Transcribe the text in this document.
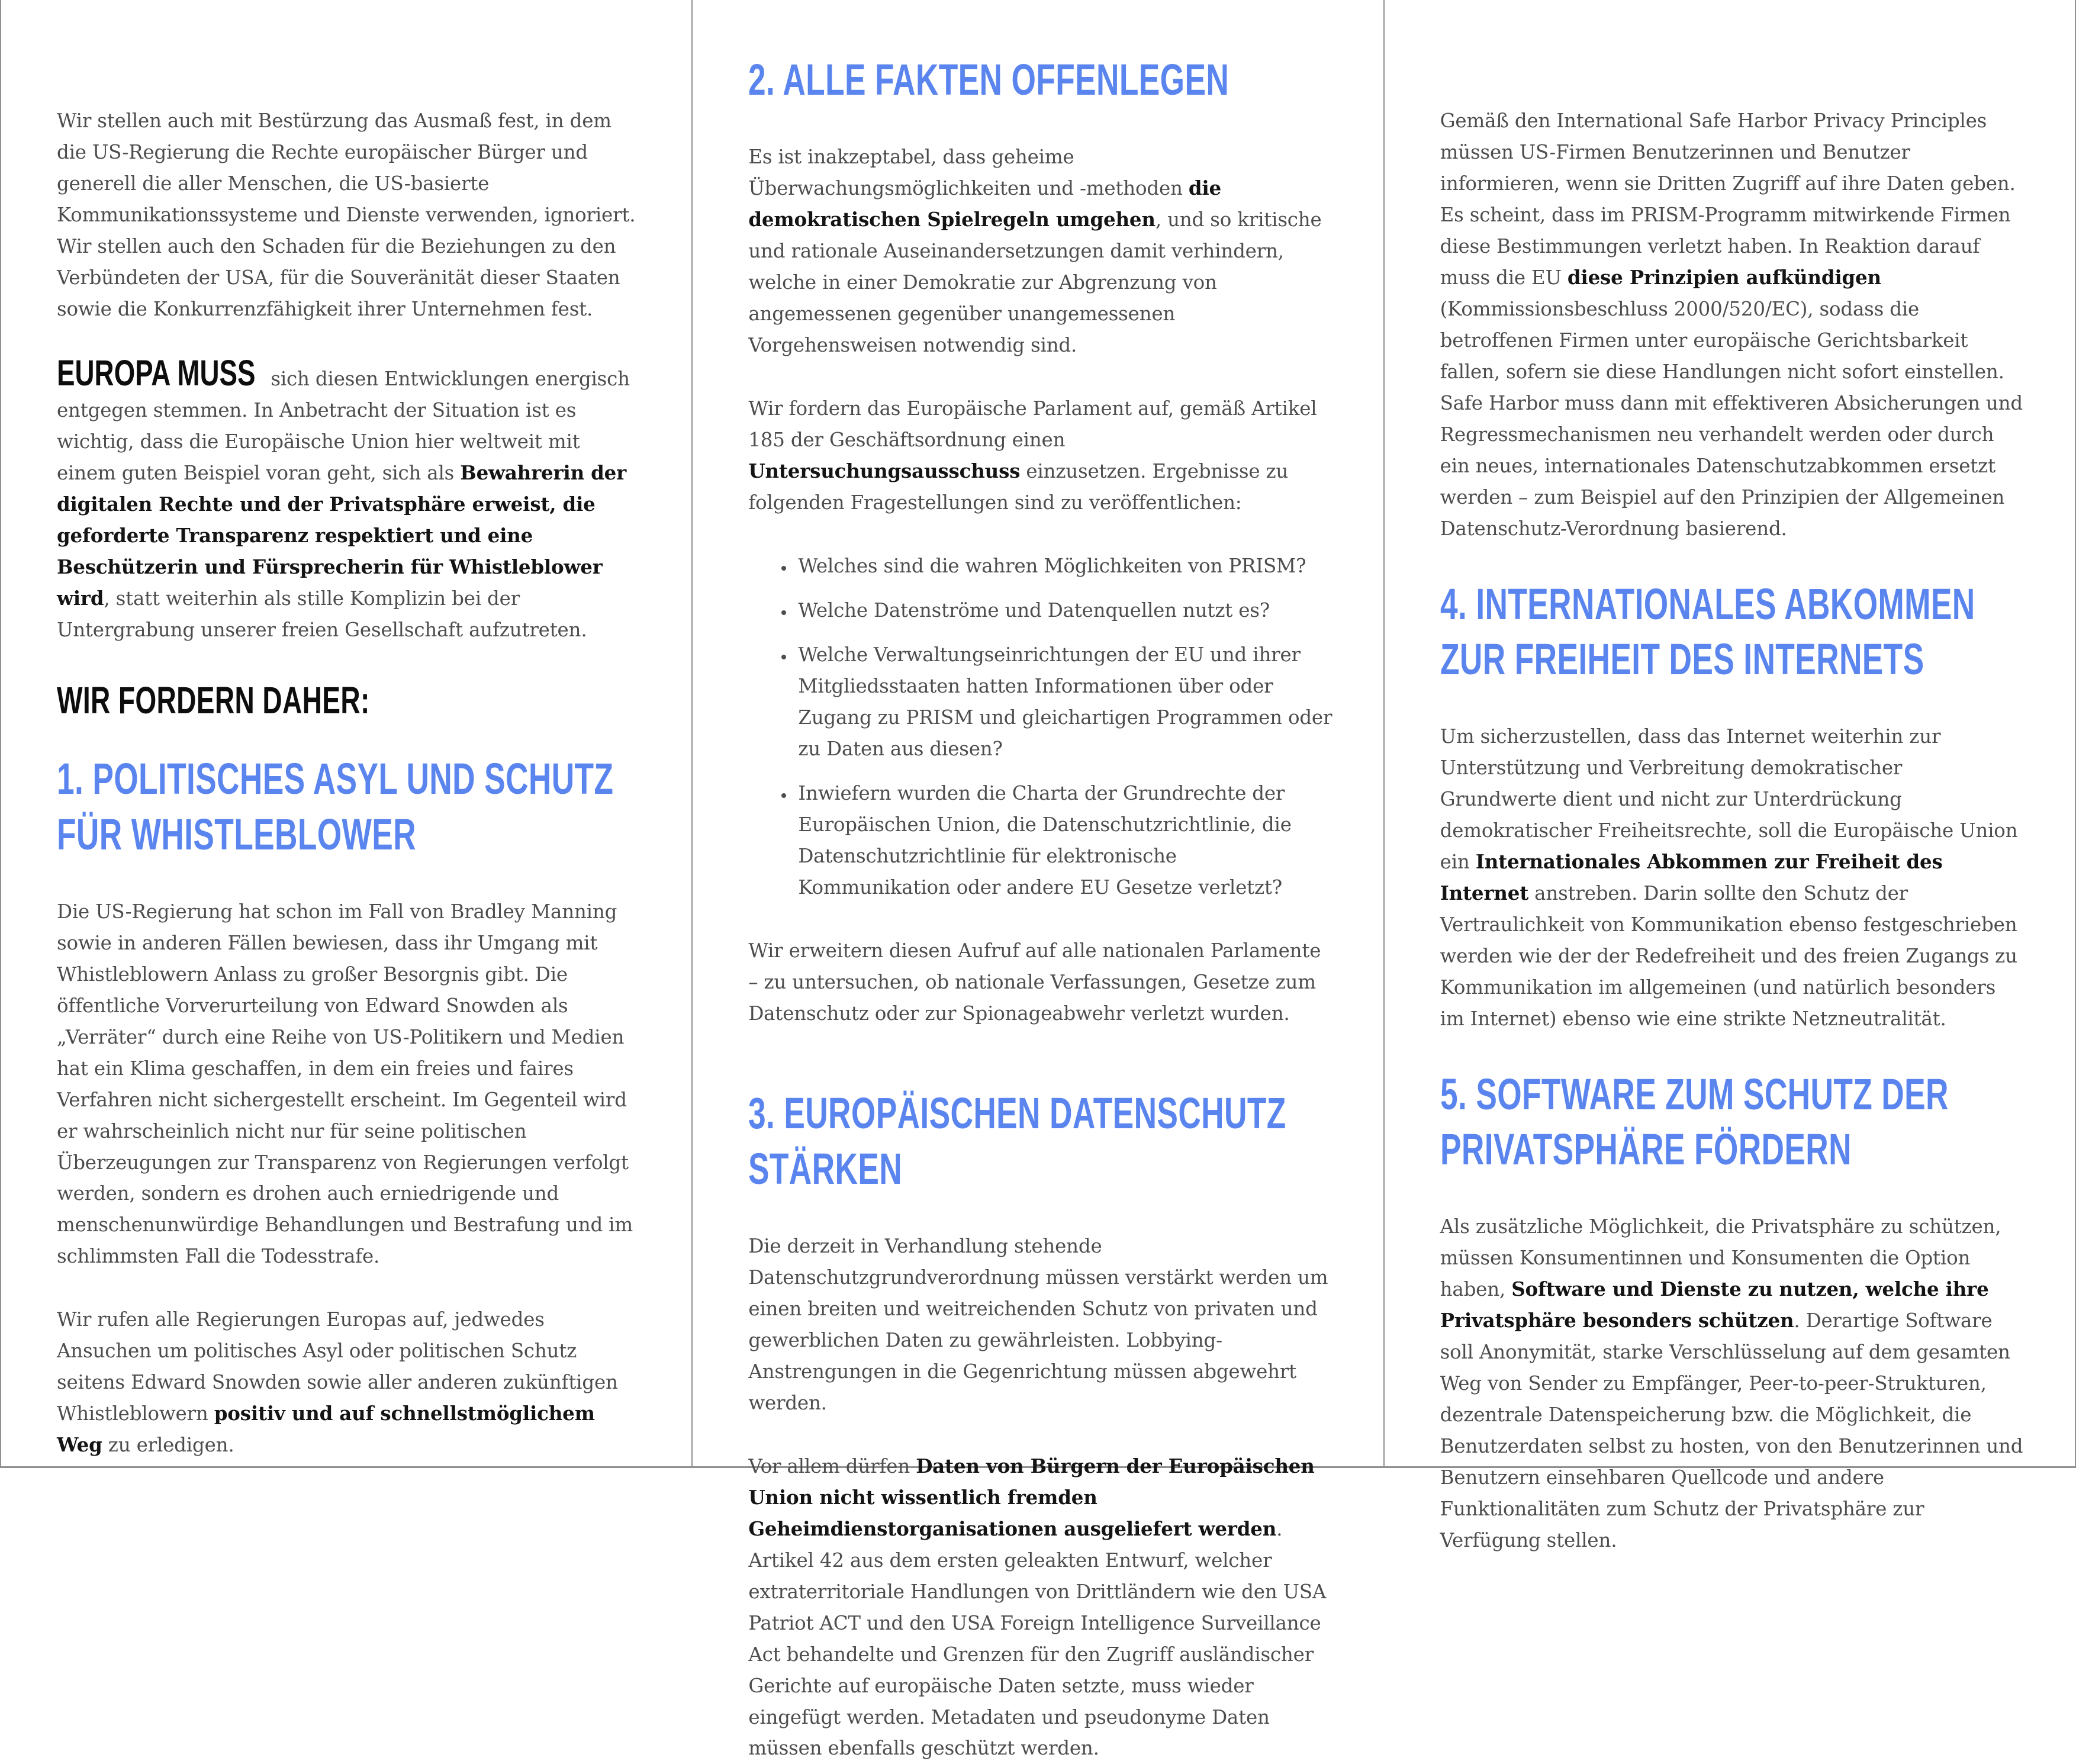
Wir stellen auch mit Bestürzung das Ausmaß fest, in dem die US-Regierung die Rechte europäischer Bürger und generell die aller Menschen, die US-basierte Kommunikationssysteme und Dienste verwenden, ignoriert. Wir stellen auch den Schaden für die Beziehungen zu den Verbündeten der USA, für die Souveränität dieser Staaten sowie die Konkurrenzfähigkeit ihrer Unternehmen fest.

EUROPA MUSS sich diesen Entwicklungen energisch entgegen stemmen. In Anbetracht der Situation ist es wichtig, dass die Europäische Union hier weltweit mit einem guten Beispiel voran geht, sich als Bewahrerin der digitalen Rechte und der Privatsphäre erweist, die geforderte Transparenz respektiert und eine Beschützerin und Fürsprecherin für Whistleblower wird, statt weiterhin als stille Komplizin bei der Untergrabung unserer freien Gesellschaft aufzutreten.

WIR FORDERN DAHER:
1. POLITISCHES ASYL UND SCHUTZ FÜR WHISTLEBLOWER

Die US-Regierung hat schon im Fall von Bradley Manning sowie in anderen Fällen bewiesen, dass ihr Umgang mit Whistleblowern Anlass zu großer Besorgnis gibt. Die öffentliche Vorverurteilung von Edward Snowden als „Verräter“ durch eine Reihe von US-Politikern und Medien hat ein Klima geschaffen, in dem ein freies und faires Verfahren nicht sichergestellt erscheint. Im Gegenteil wird er wahrscheinlich nicht nur für seine politischen Überzeugungen zur Transparenz von Regierungen verfolgt werden, sondern es drohen auch erniedrigende und menschenunwürdige Behandlungen und Bestrafung und im schlimmsten Fall die Todesstrafe.

Wir rufen alle Regierungen Europas auf, jedwedes Ansuchen um politisches Asyl oder politischen Schutz seitens Edward Snowden sowie aller anderen zukünftigen Whistleblowern positiv und auf schnellstmöglichem Weg zu erledigen.

2. ALLE FAKTEN OFFENLEGEN

Es ist inakzeptabel, dass geheime Überwachungsmöglichkeiten und -methoden die demokratischen Spielregeln umgehen, und so kritische und rationale Auseinandersetzungen damit verhindern, welche in einer Demokratie zur Abgrenzung von angemessenen gegenüber unangemessenen Vorgehensweisen notwendig sind.

Wir fordern das Europäische Parlament auf, gemäß Artikel 185 der Geschäftsordnung einen Untersuchungsausschuss einzusetzen. Ergebnisse zu folgenden Fragestellungen sind zu veröffentlichen:

• Welches sind die wahren Möglichkeiten von PRISM?
• Welche Datenströme und Datenquellen nutzt es?
• Welche Verwaltungseinrichtungen der EU und ihrer Mitgliedsstaaten hatten Informationen über oder Zugang zu PRISM und gleichartigen Programmen oder zu Daten aus diesen?
• Inwiefern wurden die Charta der Grundrechte der Europäischen Union, die Datenschutzrichtlinie, die Datenschutzrichtlinie für elektronische Kommunikation oder andere EU Gesetze verletzt?

Wir erweitern diesen Aufruf auf alle nationalen Parlamente – zu untersuchen, ob nationale Verfassungen, Gesetze zum Datenschutz oder zur Spionageabwehr verletzt wurden.

3. EUROPÄISCHEN DATENSCHUTZ STÄRKEN

Die derzeit in Verhandlung stehende Datenschutzgrundverordnung müssen verstärkt werden um einen breiten und weitreichenden Schutz von privaten und gewerblichen Daten zu gewährleisten. Lobbying-Anstrengungen in die Gegenrichtung müssen abgewehrt werden.

Vor allem dürfen Daten von Bürgern der Europäischen Union nicht wissentlich fremden Geheimdienstorganisationen ausgeliefert werden. Artikel 42 aus dem ersten geleakten Entwurf, welcher extraterritoriale Handlungen von Drittländern wie den USA Patriot ACT und den USA Foreign Intelligence Surveillance Act behandelte und Grenzen für den Zugriff ausländischer Gerichte auf europäische Daten setzte, muss wieder eingefügt werden. Metadaten und pseudonyme Daten müssen ebenfalls geschützt werden.

Gemäß den International Safe Harbor Privacy Principles müssen US-Firmen Benutzerinnen und Benutzer informieren, wenn sie Dritten Zugriff auf ihre Daten geben. Es scheint, dass im PRISM-Programm mitwirkende Firmen diese Bestimmungen verletzt haben. In Reaktion darauf muss die EU diese Prinzipien aufkündigen (Kommissionsbeschluss 2000/520/EC), sodass die betroffenen Firmen unter europäische Gerichtsbarkeit fallen, sofern sie diese Handlungen nicht sofort einstellen. Safe Harbor muss dann mit effektiveren Absicherungen und Regressmechanismen neu verhandelt werden oder durch ein neues, internationales Datenschutzabkommen ersetzt werden – zum Beispiel auf den Prinzipien der Allgemeinen Datenschutz-Verordnung basierend.

4. INTERNATIONALES ABKOMMEN ZUR FREIHEIT DES INTERNETS

Um sicherzustellen, dass das Internet weiterhin zur Unterstützung und Verbreitung demokratischer Grundwerte dient und nicht zur Unterdrückung demokratischer Freiheitsrechte, soll die Europäische Union ein Internationales Abkommen zur Freiheit des Internet anstreben. Darin sollte den Schutz der Vertraulichkeit von Kommunikation ebenso festgeschrieben werden wie der der Redefreiheit und des freien Zugangs zu Kommunikation im allgemeinen (und natürlich besonders im Internet) ebenso wie eine strikte Netzneutralität.

5. SOFTWARE ZUM SCHUTZ DER PRIVATSPHÄRE FÖRDERN

Als zusätzliche Möglichkeit, die Privatsphäre zu schützen, müssen Konsumentinnen und Konsumenten die Option haben, Software und Dienste zu nutzen, welche ihre Privatsphäre besonders schützen. Derartige Software soll Anonymität, starke Verschlüsselung auf dem gesamten Weg von Sender zu Empfänger, Peer-to-peer-Strukturen, dezentrale Datenspeicherung bzw. die Möglichkeit, die Benutzerdaten selbst zu hosten, von den Benutzerinnen und Benutzern einsehbaren Quellcode und andere Funktionalitäten zum Schutz der Privatsphäre zur Verfügung stellen.
